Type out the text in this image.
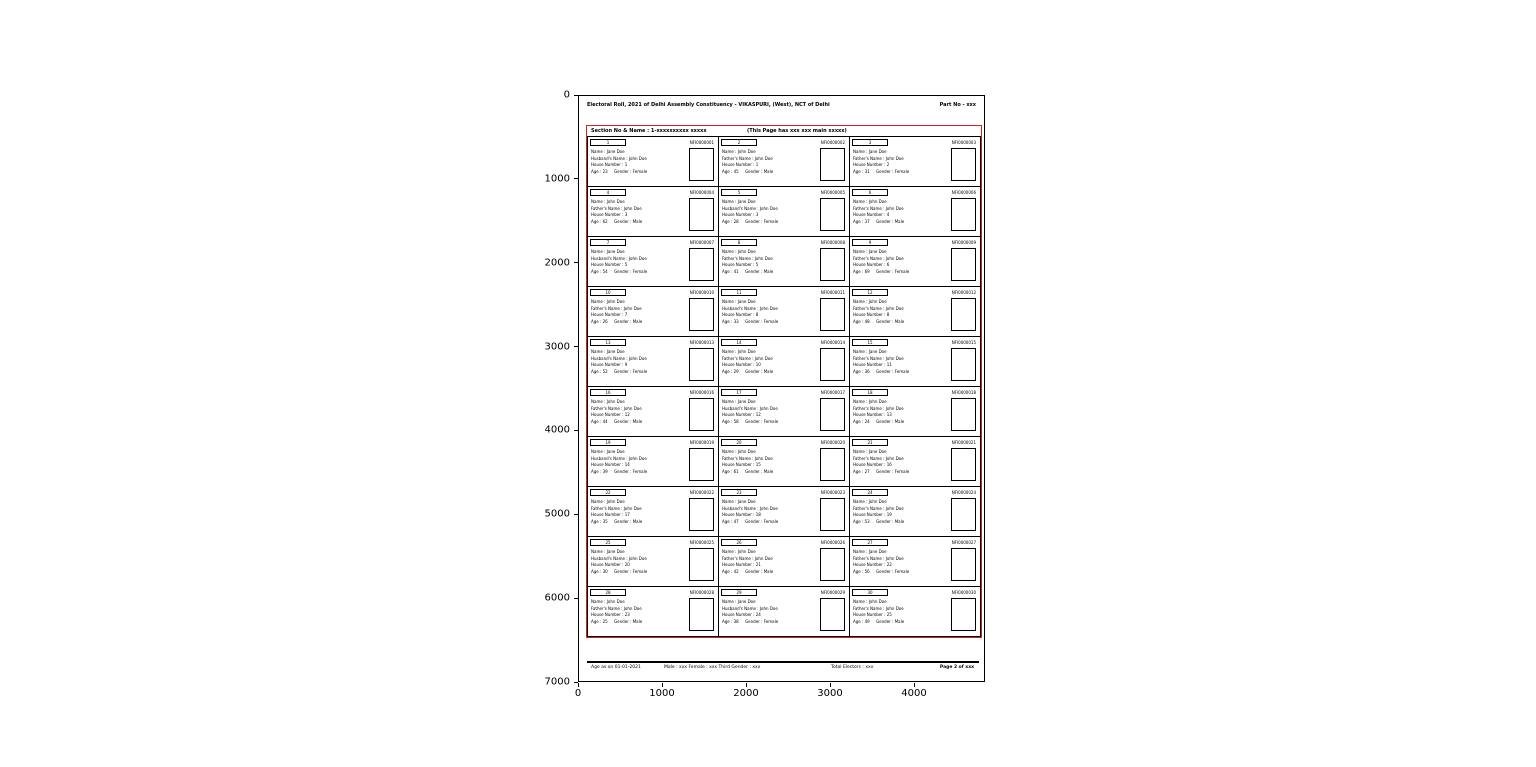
0
1000
2000
3000
4000
5000
6000
7000
0	1000	2000	3000	4000
Electoral Roll, 2021 of Delhi Assembly Constituency - VIKASPURI, (West), NCT of Delhi	Part No - xxx
Section No & Name : 1-xxxxxxxxxx xxxxx	(This Page has xxx xxx main xxxxx)
1	NFI0000001
Name : Jane Doe
Husband's Name : John Doe
House Number : 1
Age : 23     Gender : Female
2	NFI0000002
Name : John Doe
Father's Name : John Doe
House Number : 1
Age : 45     Gender : Male
3	NFI0000003
Name : Jane Doe
Father's Name : John Doe
House Number : 2
Age : 31     Gender : Female
4	NFI0000004
Name : John Doe
Father's Name : John Doe
House Number : 3
Age : 62     Gender : Male
5	NFI0000005
Name : Jane Doe
Husband's Name : John Doe
House Number : 3
Age : 28     Gender : Female
6	NFI0000006
Name : John Doe
Father's Name : John Doe
House Number : 4
Age : 37     Gender : Male
7	NFI0000007
Name : Jane Doe
Husband's Name : John Doe
House Number : 5
Age : 54     Gender : Female
8	NFI0000008
Name : John Doe
Father's Name : John Doe
House Number : 5
Age : 41     Gender : Male
9	NFI0000009
Name : Jane Doe
Father's Name : John Doe
House Number : 6
Age : 69     Gender : Female
10	NFI0000010
Name : John Doe
Father's Name : John Doe
House Number : 7
Age : 26     Gender : Male
11	NFI0000011
Name : Jane Doe
Husband's Name : John Doe
House Number : 8
Age : 33     Gender : Female
12	NFI0000012
Name : John Doe
Father's Name : John Doe
House Number : 8
Age : 48     Gender : Male
13	NFI0000013
Name : Jane Doe
Husband's Name : John Doe
House Number : 9
Age : 52     Gender : Female
14	NFI0000014
Name : John Doe
Father's Name : John Doe
House Number : 10
Age : 29     Gender : Male
15	NFI0000015
Name : Jane Doe
Father's Name : John Doe
House Number : 11
Age : 36     Gender : Female
16	NFI0000016
Name : John Doe
Father's Name : John Doe
House Number : 12
Age : 44     Gender : Male
17	NFI0000017
Name : Jane Doe
Husband's Name : John Doe
House Number : 12
Age : 58     Gender : Female
18	NFI0000018
Name : John Doe
Father's Name : John Doe
House Number : 13
Age : 24     Gender : Male
19	NFI0000019
Name : Jane Doe
Husband's Name : John Doe
House Number : 14
Age : 39     Gender : Female
20	NFI0000020
Name : John Doe
Father's Name : John Doe
House Number : 15
Age : 61     Gender : Male
21	NFI0000021
Name : Jane Doe
Father's Name : John Doe
House Number : 16
Age : 27     Gender : Female
22	NFI0000022
Name : John Doe
Father's Name : John Doe
House Number : 17
Age : 35     Gender : Male
23	NFI0000023
Name : Jane Doe
Husband's Name : John Doe
House Number : 18
Age : 47     Gender : Female
24	NFI0000024
Name : John Doe
Father's Name : John Doe
House Number : 19
Age : 53     Gender : Male
25	NFI0000025
Name : Jane Doe
Husband's Name : John Doe
House Number : 20
Age : 30     Gender : Female
26	NFI0000026
Name : John Doe
Father's Name : John Doe
House Number : 21
Age : 42     Gender : Male
27	NFI0000027
Name : Jane Doe
Father's Name : John Doe
House Number : 22
Age : 56     Gender : Female
28	NFI0000028
Name : John Doe
Father's Name : John Doe
House Number : 23
Age : 25     Gender : Male
29	NFI0000029
Name : Jane Doe
Husband's Name : John Doe
House Number : 24
Age : 38     Gender : Female
30	NFI0000030
Name : John Doe
Father's Name : John Doe
House Number : 25
Age : 49     Gender : Male
Age as on 01-01-2021	Male : xxx Female : xxx Third Gender : xxx	Total Electors : xxx	Page 2 of xxx
